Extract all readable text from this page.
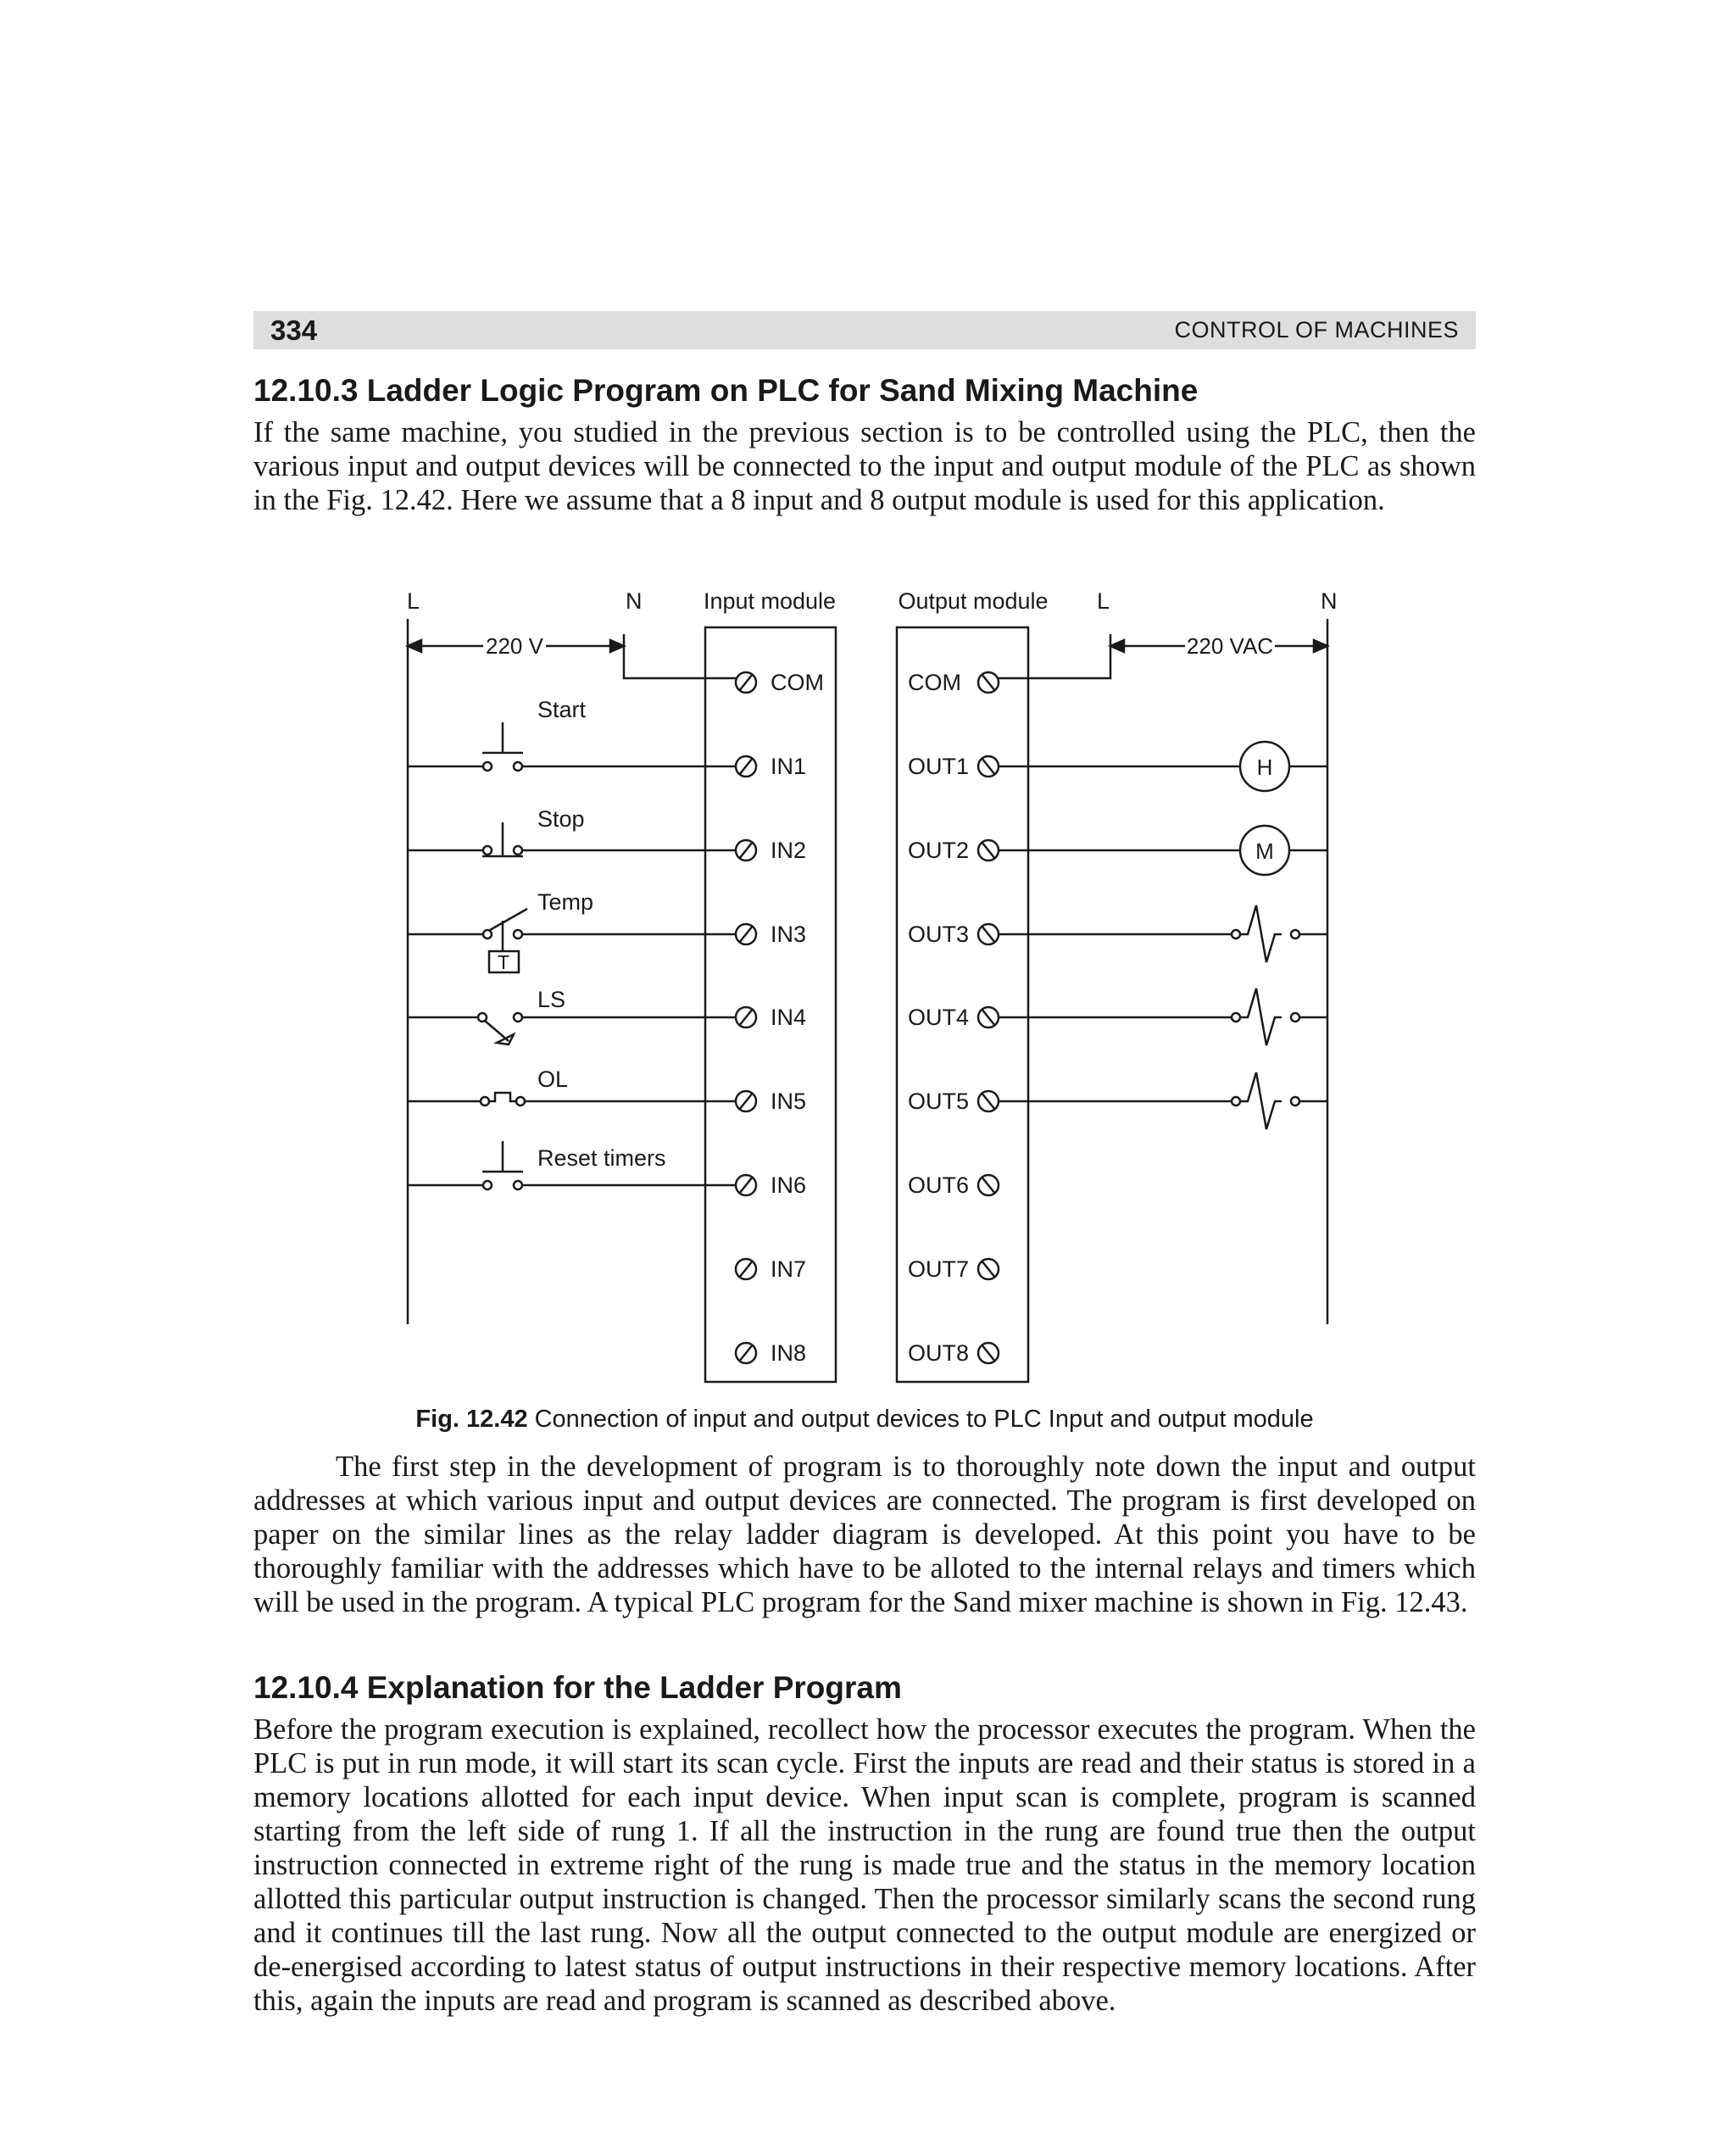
334	CONTROL OF MACHINES
12.10.3 Ladder Logic Program on PLC for Sand Mixing Machine

If the same machine, you studied in the previous section is to be controlled using the PLC, then the various input and output devices will be connected to the input and output module of the PLC as shown in the Fig. 12.42. Here we assume that a 8 input and 8 output module is used for this application.

Fig. 12.42 Connection of input and output devices to PLC Input and output module

The first step in the development of program is to thoroughly note down the input and output addresses at which various input and output devices are connected. The program is first developed on paper on the similar lines as the relay ladder diagram is developed. At this point you have to be thoroughly familiar with the addresses which have to be alloted to the internal relays and timers which will be used in the program. A typical PLC program for the Sand mixer machine is shown in Fig. 12.43.

12.10.4 Explanation for the Ladder Program

Before the program execution is explained, recollect how the processor executes the program. When the PLC is put in run mode, it will start its scan cycle. First the inputs are read and their status is stored in a memory locations allotted for each input device. When input scan is complete, program is scanned starting from the left side of rung 1. If all the instruction in the rung are found true then the output instruction connected in extreme right of the rung is made true and the status in the memory location allotted this particular output instruction is changed. Then the processor similarly scans the second rung and it continues till the last rung. Now all the output connected to the output module are energized or de-energised according to latest status of output instructions in their respective memory locations. After this, again the inputs are read and program is scanned as described above.

L	N	Input module	Output module L	N
220 V	220 VAC
COM
IN1
IN2
IN3
IN4
IN5
IN6
IN7
IN8
COM
OUT1
OUT2
OUT3
OUT4
OUT5
OUT6
OUT7
OUT8
Start
Stop
Temp
T
LS
OL
Reset timers
H
M
